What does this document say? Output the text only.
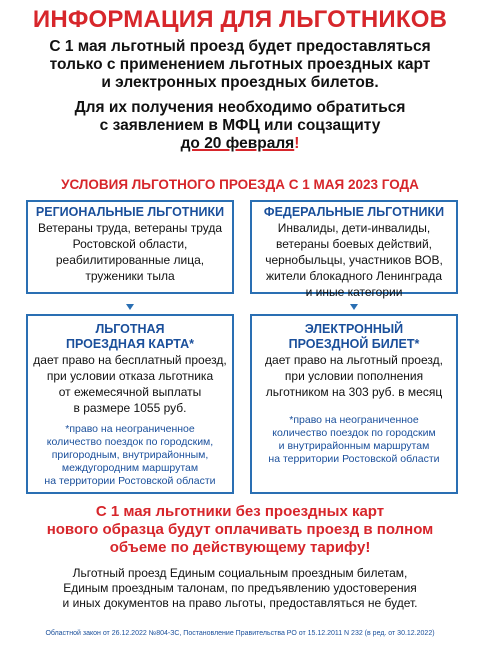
ИНФОРМАЦИЯ ДЛЯ ЛЬГОТНИКОВ
С 1 мая льготный проезд будет предоставляться
только с применением льготных проездных карт
и электронных проездных билетов.
Для их получения необходимо обратиться
с заявлением в МФЦ или соцзащиту
до 20 февраля!
УСЛОВИЯ ЛЬГОТНОГО ПРОЕЗДА С 1 МАЯ 2023 ГОДА
РЕГИОНАЛЬНЫЕ ЛЬГОТНИКИ
Ветераны труда, ветераны труда
Ростовской области,
реабилитированные лица,
труженики тыла
ФЕДЕРАЛЬНЫЕ ЛЬГОТНИКИ
Инвалиды, дети-инвалиды,
ветераны боевых действий,
чернобыльцы, участников ВОВ,
жители блокадного Ленинграда
и иные категории
ЛЬГОТНАЯ
ПРОЕЗДНАЯ КАРТА*
дает право на бесплатный проезд,
при условии отказа льготника
от ежемесячной выплаты
в размере 1055 руб.
*право на неограниченное
количество поездок по городским,
пригородным, внутрирайонным,
междугородним маршрутам
на территории Ростовской области
ЭЛЕКТРОННЫЙ
ПРОЕЗДНОЙ БИЛЕТ*
дает право на льготный проезд,
при условии пополнения
льготником на 303 руб. в месяц
*право на неограниченное
количество поездок по городским
и внутрирайонным маршрутам
на территории Ростовской области
С 1 мая льготники без проездных карт
нового образца будут оплачивать проезд в полном
объеме по действующему тарифу!
Льготный проезд Единым социальным проездным билетам,
Единым проездным талонам, по предъявлению удостоверения
и иных документов на право льготы, предоставляться не будет.
Областной закон от 26.12.2022 №804-ЗС, Постановление Правительства РО от 15.12.2011 N 232 (в ред. от 30.12.2022)
